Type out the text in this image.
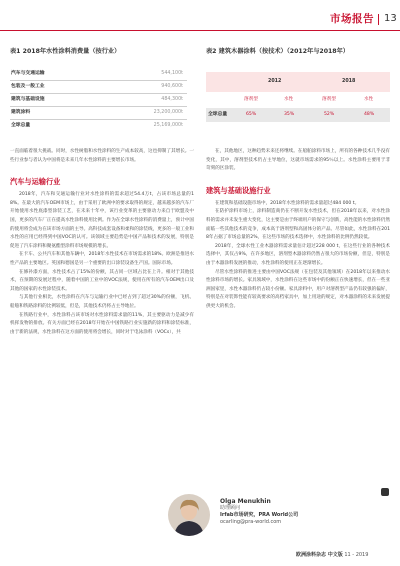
市场报告 13
表1 2018年水性涂料消费量（按行业）
汽车与交通运输	544,100t
包装及一般工业	940,600t
建筑与基础设施	484,300t
建筑涂料	23,200,000t
全球总量	25,169,000t
表2 建筑木器涂料（按技术）（2012年与2018年）
2012	2018
溶剂型	水性	溶剂型	水性
全球总量	65%	35%	52%	48%

一直面临着很大挑战。同时，水性树脂和水性涂料的生产成本较高，这也抑制了其增长。一些行业参与者认为中国将是未来几年水性涂料的主要增长市场。

汽车与运输行业

2018年，汽车和交通运输行业对水性涂料的需求超过54.4万t，占该市场总量的18%。在最大的汽车OEM市场上，由于采用了欧洲中的要求取得的规定，越来越多的汽车厂开始使用水性底漆型涂装工艺，在未来十年中，该行业变革的主要驱动力来自于欧盟及中国，更多的汽车厂正在提高水性涂料使用比例。作为在全球水性涂料的消费量上，预计中国的使用将会成为在该市场方面的主导。高科技成套设备和柔和的涂装线，更多的一般工业和水性的应用已经得到中国VOC的认可。该领域主要趋势是中国产品和技术的发展，特别是促进了汽车涂料和聚氨酯型涂料市场规模的增长。

在卡车、公共汽车和其他车辆中，2018年水性技术在市场需求的18%。欧洲是推进水性产品的主要地区。英国和德国是另一个重要的出口涂装设备生产国。国际市场。

在修补漆方面，水性技术占了15%的份额，其占同一区域占比在上升。相对于其他技术，在预期的发展过程中，随着中国的工业中的VOC法规，使用在所有的汽车OEM出口及其他的国家的水性涂装技术。

与其他行业相比，水性涂料在汽车与运输行业中已经占到了超过30%的份额，飞机、船舶和铁路涂料的比例较低，但是，其他技术仍将占主导地位。

在铁路行业中，水性涂料占该市场对水性涂料需求量的11%，其主要驱动力是减少有机挥发物的排放。有关方面已经在2018年开始在中国铁路行业实施新的涂料和涂装标准，由于新的法规，水性涂料在这方面的使用将会增长，同时对于电泳涂料（VOCs），共

在，其他地区，这种趋势未来还将继续。在船舶涂料市场上，所有的各种技术几乎没有变化，其中，溶剂型技术仍占主导地位，这就市场需求的95％以上。水性涂料主要用于非苛刻的区涂装。

建筑与基础设施行业

在建筑和基础设施市场中，2018年水性涂料的需求量超过484 000 t。

在防护涂料市场上，涂料制造商仍在不断开发水性技术，但在2018年以来，对水性涂料的需求并未发生重大变化，这主要是由于终端用户的保守与创新，高性能的水性涂料仍然面临一些其他技术的竞争，成本高于溶剂型和高固体分的产品。尽管如此，水性涂料在2018年占据了市场总量的2%，在这些市场的技术选择中，水性涂料的比例仍然较低。

2018年，全球水性工业木器涂料需求量估计超过228 000 t，在这些行业的各种技术选择中，其仅占9%，在许多地区，溶剂型木器涂料仍然占很大的市场份额，但是，特别是由于木器涂料发展的推动，水性涂料的使用正在逐渐增长。

尽管水性涂料的推进主要由中国VOC法规（在包装及其他领域）在2018年以来推动水性涂料市场的增长。家具领域中，水性涂料在这些市场中的份额正在快速增长，但在一些亚洲国家里，水性木器涂料仍占较小份额。家具涂料中，用户对溶剂型产品仍有较强的偏好，特别是在对装饰性能有较高要求的高档家具中，加上用途的规定，对木器涂料的未来发展提供更大的机会。

Olga Menukhin
助理顾问
Irfab市场研究，PRA World公司
ocarling@pra-world.com
欧洲涂料杂志 中文版 11 - 2019
